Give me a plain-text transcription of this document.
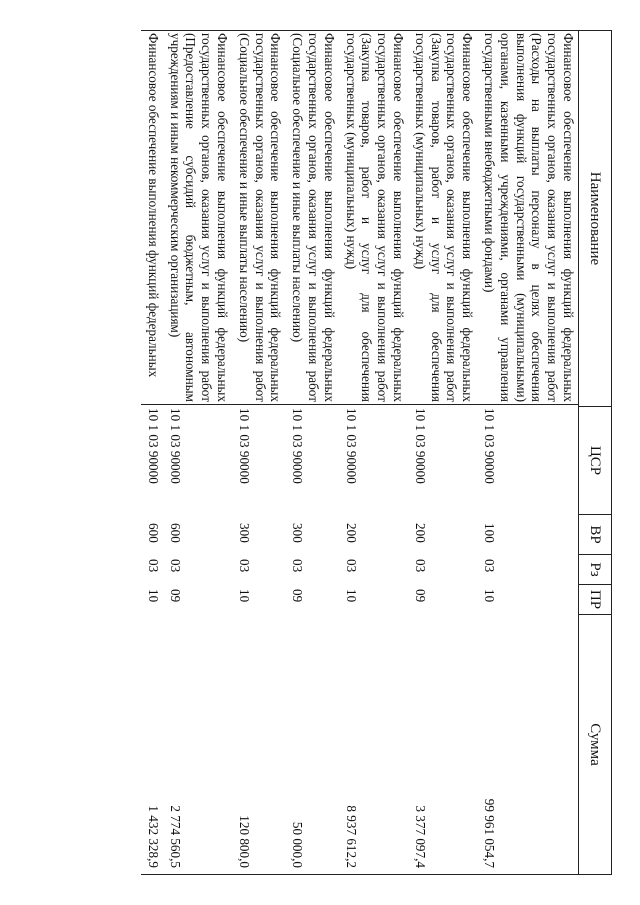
Наименование
ЦСР
ВР
Рз
ПР
Сумма
Финансовое обеспечение выполнения функций федеральных государственных органов, оказания услуг и выполнения работ (Расходы на выплаты персоналу в целях обеспечения выполнения функций государственными (муниципальными) органами, казенными учреждениями, органами управления государственными внебюджетными фондами)
10 1 03 90000
100
03
10
99 961 054,7
Финансовое обеспечение выполнения функций федеральных государственных органов, оказания услуг и выполнения работ (Закупка товаров, работ и услуг для обеспечения государственных (муниципальных) нужд)
10 1 03 90000
200
03
09
3 377 097,4
Финансовое обеспечение выполнения функций федеральных государственных органов, оказания услуг и выполнения работ (Закупка товаров, работ и услуг для обеспечения государственных (муниципальных) нужд)
10 1 03 90000
200
03
10
8 937 612,2
Финансовое обеспечение выполнения функций федеральных государственных органов, оказания услуг и выполнения работ (Социальное обеспечение и иные выплаты населению)
10 1 03 90000
300
03
09
50 000,0
Финансовое обеспечение выполнения функций федеральных государственных органов, оказания услуг и выполнения работ (Социальное обеспечение и иные выплаты населению)
10 1 03 90000
300
03
10
120 800,0
Финансовое обеспечение выполнения функций федеральных государственных органов, оказания услуг и выполнения работ (Предоставление субсидий бюджетным, автономным учреждениям и иным некоммерческим организациям)
10 1 03 90000
600
03
09
2 774 560,5
Финансовое обеспечение выполнения функций федеральных
10 1 03 90000
600
03
10
1 432 328,9
